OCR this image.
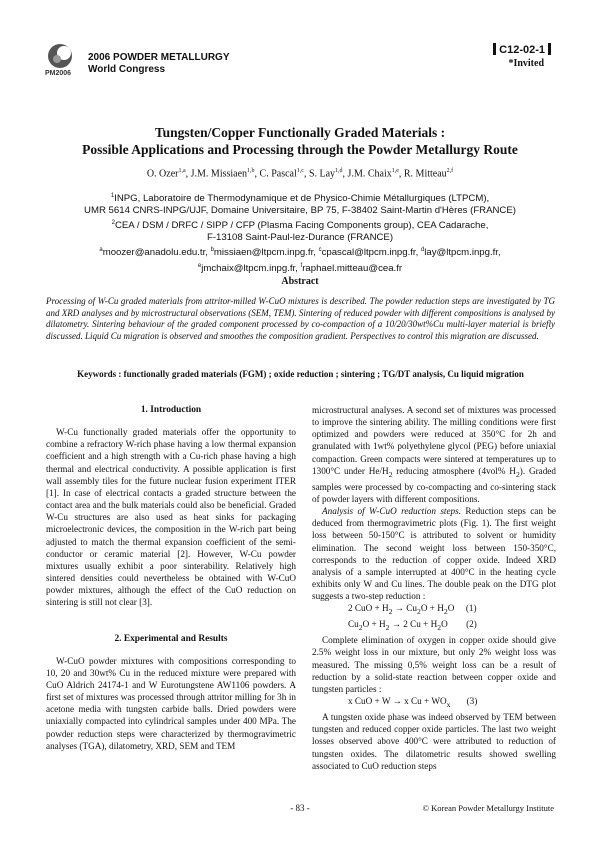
PM2006
2006 POWDER METALLURGY
World Congress
C12-02-1
*Invited
Tungsten/Copper Functionally Graded Materials :
Possible Applications and Processing through the Powder Metallurgy Route
O. Ozer$^{1,a}$, J.M. Missiaen$^{1,b}$, C. Pascal$^{1,c}$, S. Lay$^{1,d}$, J.M. Chaix$^{1,e}$, R. Mitteau$^{2,f}$
$^1$INPG, Laboratoire de Thermodynamique et de Physico-Chimie Métallurgiques (LTPCM),
UMR 5614 CNRS-INPG/UJF, Domaine Universitaire, BP 75, F-38402 Saint-Martin d'Hères (FRANCE)
$^2$CEA / DSM / DRFC / SIPP / CFP (Plasma Facing Components group), CEA Cadarache,
F-13108 Saint-Paul-lez-Durance (FRANCE)
$^a$moozer@anadolu.edu.tr, $^b$missiaen@ltpcm.inpg.fr, $^c$cpascal@ltpcm.inpg.fr, $^d$lay@ltpcm.inpg.fr,
$^e$jmchaix@ltpcm.inpg.fr, $^f$raphael.mitteau@cea.fr
Abstract
Processing of W-Cu graded materials from attritor-milled W-CuO mixtures is described. The powder reduction steps are investigated by TG and XRD analyses and by microstructural observations (SEM, TEM). Sintering of reduced powder with different compositions is analysed by dilatometry. Sintering behaviour of the graded component processed by co-compaction of a 10/20/30wt%Cu multi-layer material is briefly discussed. Liquid Cu migration is observed and smoothes the composition gradient. Perspectives to control this migration are discussed.
Keywords : functionally graded materials (FGM) ; oxide reduction ; sintering ; TG/DT analysis, Cu liquid migration
1. Introduction

W-Cu functionally graded materials offer the opportunity to combine a refractory W-rich phase having a low thermal expansion coefficient and a high strength with a Cu-rich phase having a high thermal and electrical conductivity. A possible application is first wall assembly tiles for the future nuclear fusion experiment ITER [1]. In case of electrical contacts a graded structure between the contact area and the bulk materials could also be beneficial. Graded W-Cu structures are also used as heat sinks for packaging microelectronic devices, the composition in the W-rich part being adjusted to match the thermal expansion coefficient of the semi-conductor or ceramic material [2]. However, W-Cu powder mixtures usually exhibit a poor sinterability. Relatively high sintered densities could nevertheless be obtained with W-CuO powder mixtures, although the effect of the CuO reduction on sintering is still not clear [3].

2. Experimental and Results

W-CuO powder mixtures with compositions corresponding to 10, 20 and 30wt% Cu in the reduced mixture were prepared with CuO Aldrich 24174-1 and W Eurotungstene AW1106 powders. A first set of mixtures was processed through attritor milling for 3h in acetone media with tungsten carbide balls. Dried powders were uniaxially compacted into cylindrical samples under 400 MPa. The powder reduction steps were characterized by thermogravimetric analyses (TGA), dilatometry, XRD, SEM and TEM

microstructural analyses. A second set of mixtures was processed to improve the sintering ability. The milling conditions were first optimized and powders were reduced at 350°C for 2h and granulated with 1wt% polyethylene glycol (PEG) before uniaxial compaction. Green compacts were sintered at temperatures up to 1300°C under $He/H_2$ reducing atmosphere (4vol% $H_2$). Graded samples were processed by co-compacting and co-sintering stack of powder layers with different compositions.

Analysis of W-CuO reduction steps. Reduction steps can be deduced from thermogravimetric plots (Fig. 1). The first weight loss between 50-150°C is attributed to solvent or humidity elimination. The second weight loss between 150-350°C, corresponds to the reduction of copper oxide. Indeed XRD analysis of a sample interrupted at 400°C in the heating cycle exhibits only W and Cu lines. The double peak on the DTG plot suggests a two-step reduction :

2 CuO + $H_2 \to Cu_2O + H_2O$     (1)
$Cu_2O + H_2 \to 2$ $Cu + H_2O$        (2)

Complete elimination of oxygen in copper oxide should give 2.5% weight loss in our mixture, but only 2% weight loss was measured. The missing 0,5% weight loss can be a result of reduction by a solid-state reaction between copper oxide and tungsten particles :

x CuO + W → x $Cu + WO_x$       (3)

A tungsten oxide phase was indeed observed by TEM between tungsten and reduced copper oxide particles. The last two weight losses observed above 400°C were attributed to reduction of tungsten oxides. The dilatometric results showed swelling associated to CuO reduction steps

- 83 -	© Korean Powder Metallurgy Institute
